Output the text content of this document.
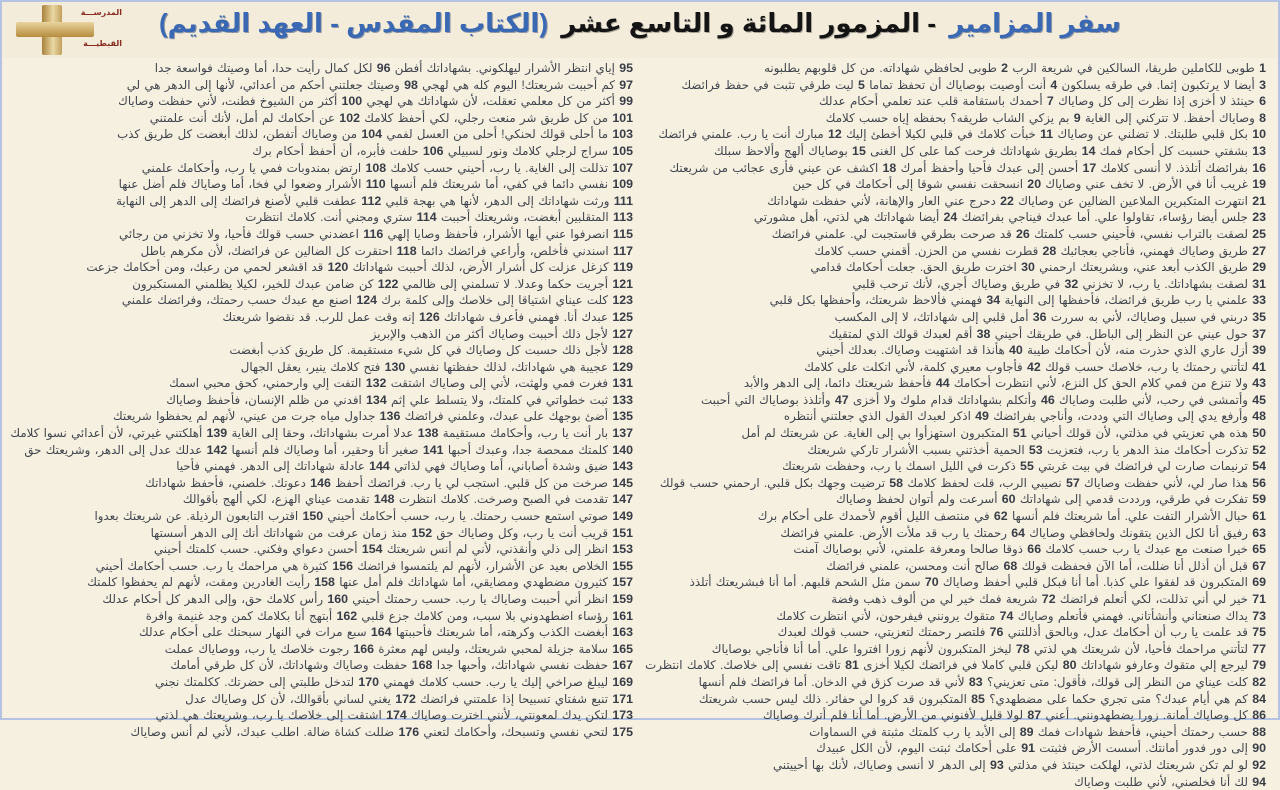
المدرســـة
القبطيـــة
سفر المزامير - المزمور المائة و التاسع عشر (الكتاب المقدس - العهد القديم)
1 طوبى للكاملين طريقا، السالكين في شريعة الرب 2 طوبى لحافظي شهاداته. من كل قلوبهم يطلبونه 3 أيضا لا يرتكبون إثما. في طرقه يسلكون 4 أنت أوصيت بوصاياك أن تحفظ تماما 5 ليت طرقي تثبت في حفظ فرائضك 6 حينئذ لا أخزى إذا نظرت إلى كل وصاياك 7 أحمدك باستقامة قلب عند تعلمي أحكام عدلك 8 وصاياك أحفظ. لا تتركني إلى الغاية 9 بم يزكي الشاب طريقه؟ بحفظه إياه حسب كلامك 10 بكل قلبي طلبتك. لا تضلني عن وصاياك 11 خبأت كلامك في قلبي لكيلا أخطئ إليك 12 مبارك أنت يا رب. علمني فرائضك 13 بشفتي حسبت كل أحكام فمك 14 بطريق شهاداتك فرحت كما على كل الغنى 15 بوصاياك ألهج وألاحظ سبلك 16 بفرائضك أتلذذ. لا أنسى كلامك 17 أحسن إلى عبدك فأحيا وأحفظ أمرك 18 اكشف عن عيني فأرى عجائب من شريعتك 19 غريب أنا في الأرض. لا تخف عني وصاياك 20 انسحقت نفسي شوقا إلى أحكامك في كل حين 21 انتهرت المتكبرين الملاعين الضالين عن وصاياك 22 دحرج عني العار والإهانة، لأني حفظت شهاداتك 23 جلس أيضا رؤساء، تقاولوا علي. أما عبدك فيناجي بفرائضك 24 أيضا شهاداتك هي لذتي، أهل مشورتي 25 لصقت بالتراب نفسي، فأحيني حسب كلمتك 26 قد صرحت بطرقي فاستجبت لي. علمني فرائضك 27 طريق وصاياك فهمني، فأناجي بعجائبك 28 قطرت نفسي من الحزن. أقمني حسب كلامك 29 طريق الكذب أبعد عني، وبشريعتك ارحمني 30 اخترت طريق الحق. جعلت أحكامك قدامي 31 لصقت بشهاداتك. يا رب، لا تخزني 32 في طريق وصاياك أجري، لأنك ترحب قلبي 33 علمني يا رب طريق فرائضك، فأحفظها إلى النهاية 34 فهمني فألاحظ شريعتك، وأحفظها بكل قلبي 35 دربني في سبيل وصاياك، لأني به سررت 36 أمل قلبي إلى شهاداتك، لا إلى المكسب 37 حول عيني عن النظر إلى الباطل. في طريقك أحيني 38 أقم لعبدك قولك الذي لمتقيك 39 أزل عاري الذي حذرت منه، لأن أحكامك طيبة 40 هأنذا قد اشتهيت وصاياك. بعدلك أحيني 41 لتأتني رحمتك يا رب، خلاصك حسب قولك 42 فأجاوب معيري كلمة، لأني اتكلت على كلامك 43 ولا تنزع من فمي كلام الحق كل النزع، لأني انتظرت أحكامك 44 فأحفظ شريعتك دائما، إلى الدهر والأبد 45 وأتمشى في رحب، لأني طلبت وصاياك 46 وأتكلم بشهاداتك قدام ملوك ولا أخزى 47 وأتلذذ بوصاياك التي أحببت 48 وأرفع يدي إلى وصاياك التي وددت، وأناجي بفرائضك 49 اذكر لعبدك القول الذي جعلتني أنتظره 50 هذه هي تعزيتي في مذلتي، لأن قولك أحياني 51 المتكبرون استهزأوا بي إلى الغاية. عن شريعتك لم أمل 52 تذكرت أحكامك منذ الدهر يا رب، فتعزيت 53 الحمية أخذتني بسبب الأشرار تاركي شريعتك 54 ترنيمات صارت لي فرائضك في بيت غربتي 55 ذكرت في الليل اسمك يا رب، وحفظت شريعتك 56 هذا صار لي، لأني حفظت وصاياك 57 نصيبي الرب، قلت لحفظ كلامك 58 ترضيت وجهك بكل قلبي. ارحمني حسب قولك 59 تفكرت في طرقي، ورددت قدمي إلى شهاداتك 60 أسرعت ولم أتوان لحفظ وصاياك 61 حبال الأشرار التفت علي. أما شريعتك فلم أنسها 62 في منتصف الليل أقوم لأحمدك على أحكام برك 63 رفيق أنا لكل الذين يتقونك ولحافظي وصاياك 64 رحمتك يا رب قد ملأت الأرض. علمني فرائضك 65 خيرا صنعت مع عبدك يا رب حسب كلامك 66 ذوقا صالحا ومعرفة علمني، لأني بوصاياك آمنت 67 قبل أن أذلل أنا ضللت، أما الآن فحفظت قولك 68 صالح أنت ومحسن، علمني فرائضك 69 المتكبرون قد لفقوا علي كذبا. أما أنا فبكل قلبي أحفظ وصاياك 70 سمن مثل الشحم قلبهم. أما أنا فبشريعتك أتلذذ 71 خير لي أني تذللت، لكي أتعلم فرائضك 72 شريعة فمك خير لي من ألوف ذهب وفضة 73 يداك صنعتاني وأنشأتاني. فهمني فأتعلم وصاياك 74 متقوك يرونني فيفرحون، لأني انتظرت كلامك 75 قد علمت يا رب أن أحكامك عدل، وبالحق أذللتني 76 فلتصر رحمتك لتعزيتي، حسب قولك لعبدك 77 لتأتني مراحمك فأحيا، لأن شريعتك هي لذتي 78 ليخز المتكبرون لأنهم زورا افتروا علي. أما أنا فأناجي بوصاياك 79 ليرجع إلي متقوك وعارفو شهاداتك 80 ليكن قلبي كاملا في فرائضك لكيلا أخزى 81 تاقت نفسي إلى خلاصك. كلامك انتظرت 82 كلت عيناي من النظر إلى قولك، فأقول: متى تعزيني؟ 83 لأني قد صرت كزق في الدخان. أما فرائضك فلم أنسها 84 كم هي أيام عبدك؟ متى تجري حكما على مضطهدي؟ 85 المتكبرون قد كروا لي حفائر. ذلك ليس حسب شريعتك 86 كل وصاياك أمانة. زورا يضطهدونني. أعني 87 لولا قليل لأفنوني من الأرض. أما أنا فلم أترك وصاياك 88 حسب رحمتك أحيني، فأحفظ شهادات فمك 89 إلى الأبد يا رب كلمتك مثبتة في السماوات 90 إلى دور فدور أمانتك. أسست الأرض فثبتت 91 على أحكامك ثبتت اليوم، لأن الكل عبيدك 92 لو لم تكن شريعتك لذتي، لهلكت حينئذ في مذلتي 93 إلى الدهر لا أنسى وصاياك، لأنك بها أحييتني 94 لك أنا فخلصني، لأني طلبت وصاياك
95 إياي انتظر الأشرار ليهلكوني. بشهاداتك أفطن 96 لكل كمال رأيت حدا، أما وصيتك فواسعة جدا 97 كم أحببت شريعتك! اليوم كله هي لهجي 98 وصيتك جعلتني أحكم من أعدائي، لأنها إلى الدهر هي لي 99 أكثر من كل معلمي تعقلت، لأن شهاداتك هي لهجي 100 أكثر من الشيوخ فطنت، لأني حفظت وصاياك 101 من كل طريق شر منعت رجلي، لكي أحفظ كلامك 102 عن أحكامك لم أمل، لأنك أنت علمتني 103 ما أحلى قولك لحنكي! أحلى من العسل لفمي 104 من وصاياك أتفطن، لذلك أبغضت كل طريق كذب 105 سراج لرجلي كلامك ونور لسبيلي 106 حلفت فأبره، أن أحفظ أحكام برك 107 تذللت إلى الغاية. يا رب، أحيني حسب كلامك 108 ارتض بمندوبات فمي يا رب، وأحكامك علمني 109 نفسي دائما في كفي، أما شريعتك فلم أنسها 110 الأشرار وضعوا لي فخا، أما وصاياك فلم أضل عنها 111 ورثت شهاداتك إلى الدهر، لأنها هي بهجة قلبي 112 عطفت قلبي لأصنع فرائضك إلى الدهر إلى النهاية 113 المتقلبين أبغضت، وشريعتك أحببت 114 ستري ومجني أنت. كلامك انتظرت 115 انصرفوا عني أيها الأشرار، فأحفظ وصايا إلهي 116 اعضدني حسب قولك فأحيا، ولا تخزني من رجائي 117 اسندني فأخلص، وأراعي فرائضك دائما 118 احتقرت كل الضالين عن فرائضك، لأن مكرهم باطل 119 كزغل عزلت كل أشرار الأرض، لذلك أحببت شهاداتك 120 قد اقشعر لحمي من رعبك، ومن أحكامك جزعت 121 أجريت حكما وعدلا. لا تسلمني إلى ظالمي 122 كن ضامن عبدك للخير، لكيلا يظلمني المستكبرون 123 كلت عيناي اشتياقا إلى خلاصك وإلى كلمة برك 124 اصنع مع عبدك حسب رحمتك، وفرائضك علمني 125 عبدك أنا. فهمني فأعرف شهاداتك 126 إنه وقت عمل للرب. قد نقضوا شريعتك 127 لأجل ذلك أحببت وصاياك أكثر من الذهب والإبريز 128 لأجل ذلك حسبت كل وصاياك في كل شيء مستقيمة. كل طريق كذب أبغضت 129 عجيبة هي شهاداتك، لذلك حفظتها نفسي 130 فتح كلامك ينير، يعقل الجهال 131 فغرت فمي ولهثت، لأني إلى وصاياك اشتقت 132 التفت إلي وارحمني، كحق محبي اسمك 133 ثبت خطواتي في كلمتك، ولا يتسلط علي إثم 134 افدني من ظلم الإنسان، فأحفظ وصاياك 135 أضئ بوجهك على عبدك، وعلمني فرائضك 136 جداول مياه جرت من عيني، لأنهم لم يحفظوا شريعتك 137 بار أنت يا رب، وأحكامك مستقيمة 138 عدلا أمرت بشهاداتك، وحقا إلى الغاية 139 أهلكتني غيرتي، لأن أعدائي نسوا كلامك 140 كلمتك ممحصة جدا، وعبدك أحبها 141 صغير أنا وحقير، أما وصاياك فلم أنسها 142 عدلك عدل إلى الدهر، وشريعتك حق 143 ضيق وشدة أصاباني، أما وصاياك فهي لذاتي 144 عادلة شهاداتك إلى الدهر. فهمني فأحيا 145 صرخت من كل قلبي. استجب لي يا رب. فرائضك أحفظ 146 دعوتك. خلصني، فأحفظ شهاداتك 147 تقدمت في الصبح وصرخت. كلامك انتظرت 148 تقدمت عيناي الهزع، لكي ألهج بأقوالك 149 صوتي استمع حسب رحمتك. يا رب، حسب أحكامك أحيني 150 اقترب التابعون الرذيلة. عن شريعتك بعدوا 151 قريب أنت يا رب، وكل وصاياك حق 152 منذ زمان عرفت من شهاداتك أنك إلى الدهر أسستها 153 انظر إلى ذلي وأنقذني، لأني لم أنس شريعتك 154 أحسن دعواي وفكني. حسب كلمتك أحيني 155 الخلاص بعيد عن الأشرار، لأنهم لم يلتمسوا فرائضك 156 كثيرة هي مراحمك يا رب. حسب أحكامك أحيني 157 كثيرون مضطهدي ومضايقي، أما شهاداتك فلم أمل عنها 158 رأيت الغادرين ومقت، لأنهم لم يحفظوا كلمتك 159 انظر أني أحببت وصاياك يا رب. حسب رحمتك أحيني 160 رأس كلامك حق، وإلى الدهر كل أحكام عدلك 161 رؤساء اضطهدوني بلا سبب، ومن كلامك جزع قلبي 162 أبتهج أنا بكلامك كمن وجد غنيمة وافرة 163 أبغضت الكذب وكرهته، أما شريعتك فأحببتها 164 سبع مرات في النهار سبحتك على أحكام عدلك 165 سلامة جزيلة لمحبي شريعتك، وليس لهم معثرة 166 رجوت خلاصك يا رب، ووصاياك عملت 167 حفظت نفسي شهاداتك، وأحبها جدا 168 حفظت وصاياك وشهاداتك، لأن كل طرقي أمامك 169 ليبلغ صراخي إليك يا رب. حسب كلامك فهمني 170 لتدخل طلبتي إلى حضرتك. ككلمتك نجني 171 تنبع شفتاي تسبيحا إذا علمتني فرائضك 172 يغني لساني بأقوالك، لأن كل وصاياك عدل 173 لتكن يدك لمعونتي، لأنني اخترت وصاياك 174 اشتقت إلى خلاصك يا رب، وشريعتك هي لذتي 175 لتحي نفسي وتسبحك، وأحكامك لتعني 176 ضللت كشاة ضالة. اطلب عبدك، لأني لم أنس وصاياك
